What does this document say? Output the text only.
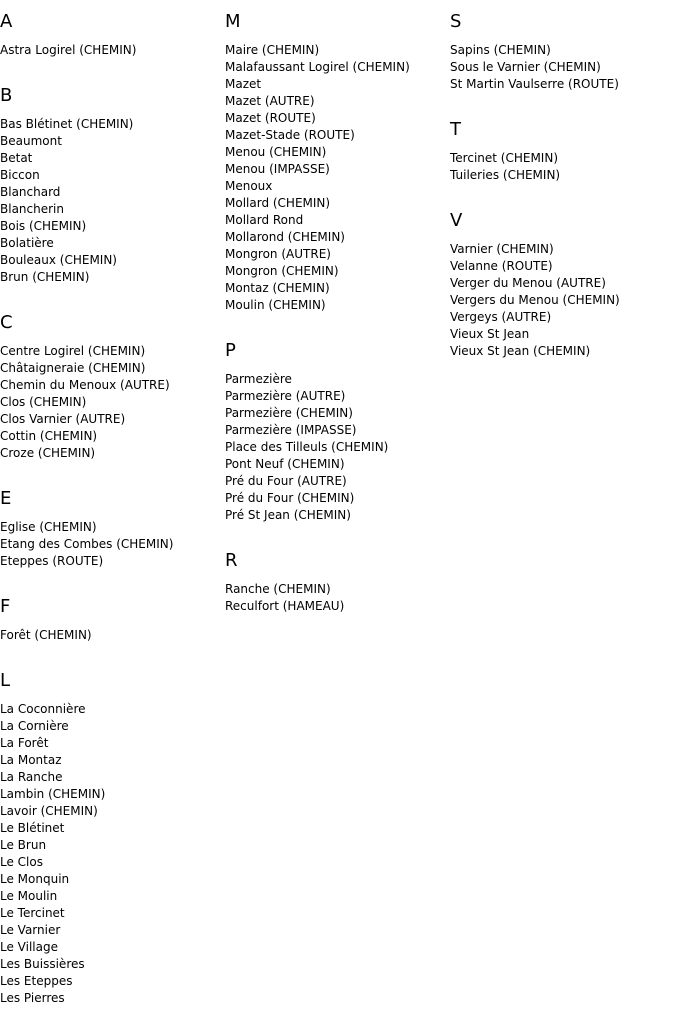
A
Astra Logirel (CHEMIN)
B
Bas Blétinet (CHEMIN)
Beaumont
Betat
Biccon
Blanchard
Blancherin
Bois (CHEMIN)
Bolatière
Bouleaux (CHEMIN)
Brun (CHEMIN)
C
Centre Logirel (CHEMIN)
Châtaigneraie (CHEMIN)
Chemin du Menoux (AUTRE)
Clos (CHEMIN)
Clos Varnier (AUTRE)
Cottin (CHEMIN)
Croze (CHEMIN)
E
Eglise (CHEMIN)
Etang des Combes (CHEMIN)
Eteppes (ROUTE)
F
Forêt (CHEMIN)
L
La Coconnière
La Cornière
La Forêt
La Montaz
La Ranche
Lambin (CHEMIN)
Lavoir (CHEMIN)
Le Blétinet
Le Brun
Le Clos
Le Monquin
Le Moulin
Le Tercinet
Le Varnier
Le Village
Les Buissières
Les Eteppes
Les Pierres
M
Maire (CHEMIN)
Malafaussant Logirel (CHEMIN)
Mazet
Mazet (AUTRE)
Mazet (ROUTE)
Mazet-Stade (ROUTE)
Menou (CHEMIN)
Menou (IMPASSE)
Menoux
Mollard (CHEMIN)
Mollard Rond
Mollarond (CHEMIN)
Mongron (AUTRE)
Mongron (CHEMIN)
Montaz (CHEMIN)
Moulin (CHEMIN)
P
Parmezière
Parmezière (AUTRE)
Parmezière (CHEMIN)
Parmezière (IMPASSE)
Place des Tilleuls (CHEMIN)
Pont Neuf (CHEMIN)
Pré du Four (AUTRE)
Pré du Four (CHEMIN)
Pré St Jean (CHEMIN)
R
Ranche (CHEMIN)
Reculfort (HAMEAU)
S
Sapins (CHEMIN)
Sous le Varnier (CHEMIN)
St Martin Vaulserre (ROUTE)
T
Tercinet (CHEMIN)
Tuileries (CHEMIN)
V
Varnier (CHEMIN)
Velanne (ROUTE)
Verger du Menou (AUTRE)
Vergers du Menou (CHEMIN)
Vergeys (AUTRE)
Vieux St Jean
Vieux St Jean (CHEMIN)
